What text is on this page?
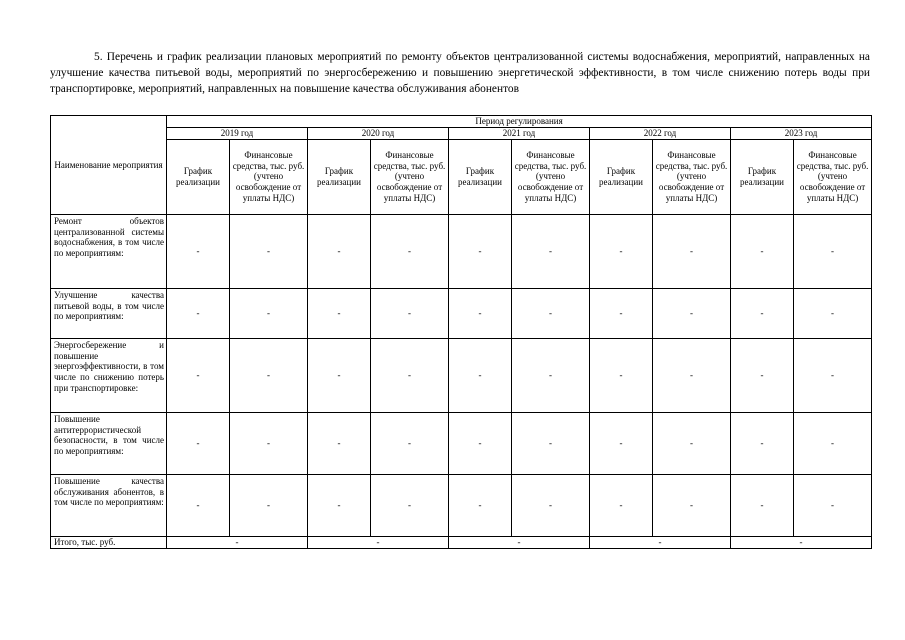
5. Перечень и график реализации плановых мероприятий по ремонту объектов централизованной системы водоснабжения, мероприятий, направленных на улучшение качества питьевой воды, мероприятий по энергосбережению и повышению энергетической эффективности, в том числе снижению потерь воды при транспортировке, мероприятий, направленных на повышение качества обслуживания абонентов

Наименование мероприятия	Период регулирования									
	2019 год		2020 год		2021 год		2022 год		2023 год	
	График реализации	Финансовые средства, тыс. руб. (учтено освобождение от уплаты НДС)	График реализации	Финансовые средства, тыс. руб. (учтено освобождение от уплаты НДС)	График реализации	Финансовые средства, тыс. руб. (учтено освобождение от уплаты НДС)	График реализации	Финансовые средства, тыс. руб. (учтено освобождение от уплаты НДС)	График реализации	Финансовые средства, тыс. руб. (учтено освобождение от уплаты НДС)
Ремонт объектов централизованной системы водоснабжения, в том числе по мероприятиям:	-	-	-	-	-	-	-	-	-	-
Улучшение качества питьевой воды, в том числе по мероприятиям:	-	-	-	-	-	-	-	-	-	-
Энергосбережение и повышение энергоэффективности, в том числе по снижению потерь при транспортировке:	-	-	-	-	-	-	-	-	-	-
Повышение антитеррористической безопасности, в том числе по мероприятиям:	-	-	-	-	-	-	-	-	-	-
Повышение качества обслуживания абонентов, в том числе по мероприятиям:	-	-	-	-	-	-	-	-	-	-
Итого, тыс. руб.	-		-		-		-		-	
